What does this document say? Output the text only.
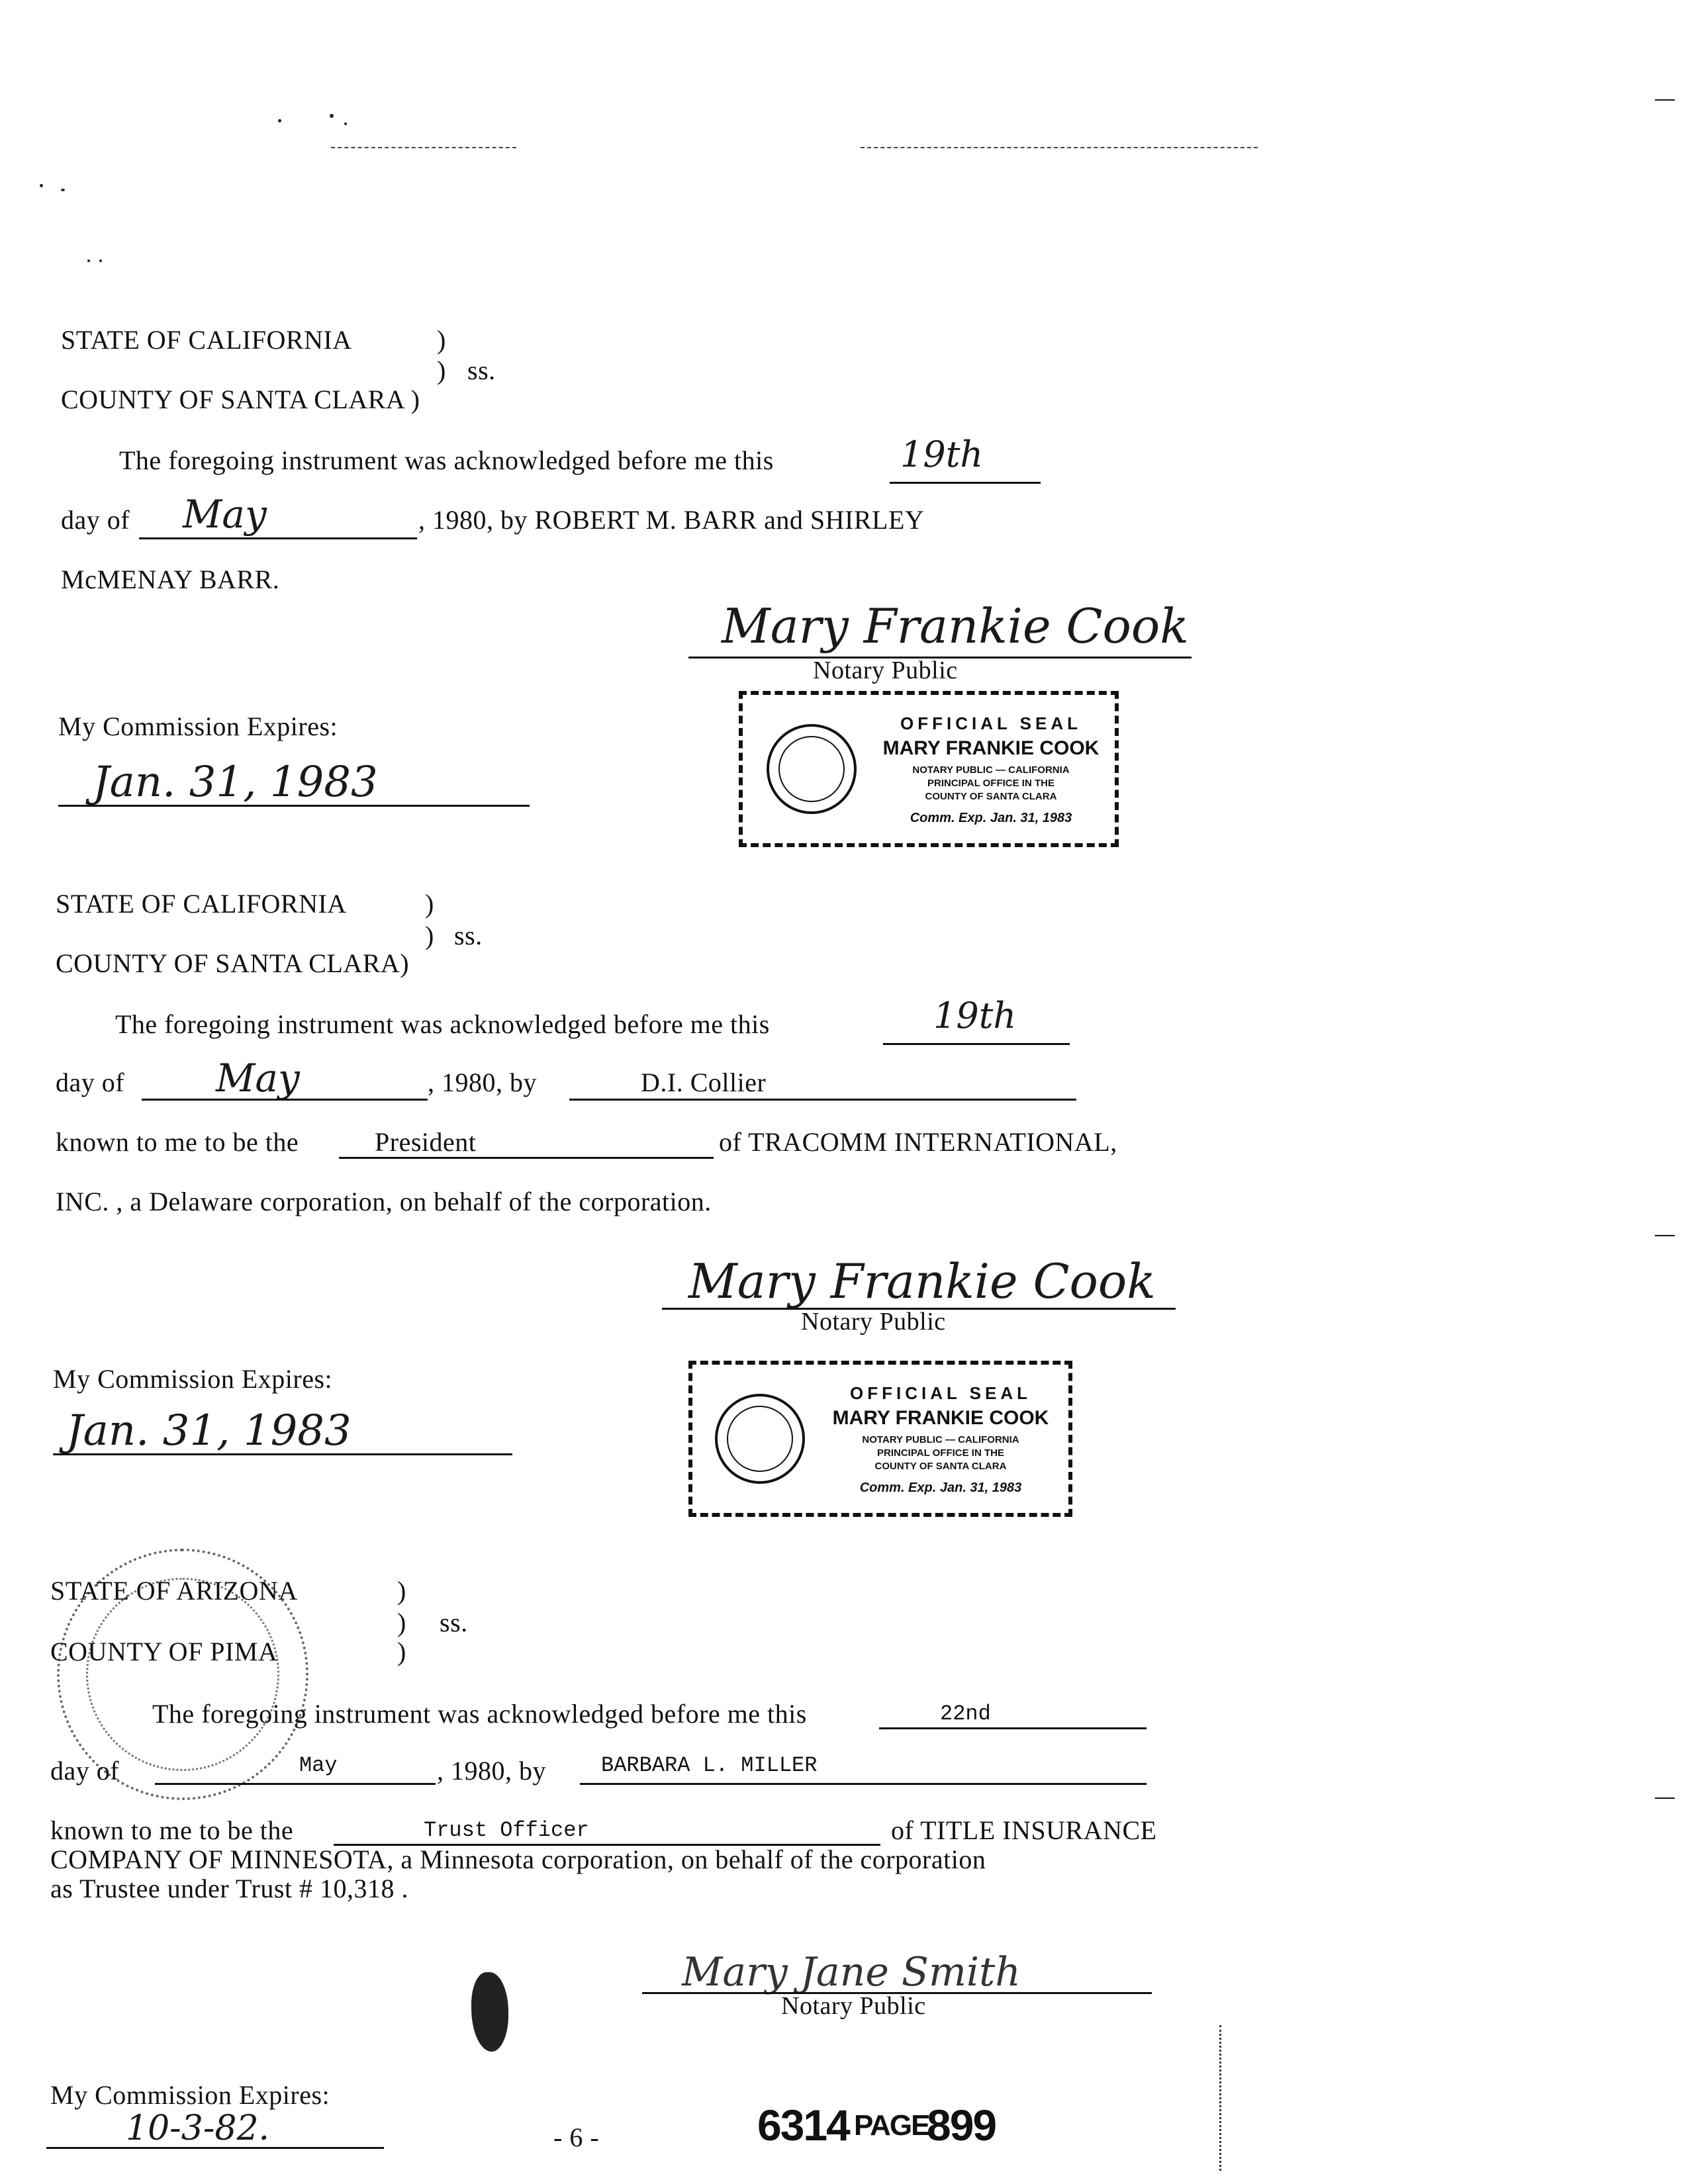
STATE OF CALIFORNIA	)
) ss.
COUNTY OF SANTA CLARA )
The foregoing instrument was acknowledged before me this	19th
day of May	, 1980, by ROBERT M. BARR and SHIRLEY
McMENAY BARR.
Mary Frankie Cook
Notary Public
My Commission Expires:
Jan. 31, 1983
OFFICIAL SEAL
MARY FRANKIE COOK
NOTARY PUBLIC — CALIFORNIA
PRINCIPAL OFFICE IN THE
COUNTY OF SANTA CLARA
Comm. Exp. Jan. 31, 1983
STATE OF CALIFORNIA	)
) ss.
COUNTY OF SANTA CLARA)
The foregoing instrument was acknowledged before me this	19th
day of May	, 1980, by	D.I. Collier
known to me to be the	President	of TRACOMM INTERNATIONAL,
INC. , a Delaware corporation, on behalf of the corporation.
Mary Frankie Cook
Notary Public
My Commission Expires:
Jan. 31, 1983
OFFICIAL SEAL
MARY FRANKIE COOK
NOTARY PUBLIC — CALIFORNIA
PRINCIPAL OFFICE IN THE
COUNTY OF SANTA CLARA
Comm. Exp. Jan. 31, 1983
STATE OF ARIZONA	)
) ss.
COUNTY OF PIMA	)
The foregoing instrument was acknowledged before me this	22nd
day of	May	, 1980, by	BARBARA L. MILLER
known to me to be the	Trust Officer	of TITLE INSURANCE
COMPANY OF MINNESOTA, a Minnesota corporation, on behalf of the corporation
as Trustee under Trust # 10,318 .
Mary Jane Smith
Notary Public
My Commission Expires:
10-3-82.	- 6 -	6314 PAGE
899
